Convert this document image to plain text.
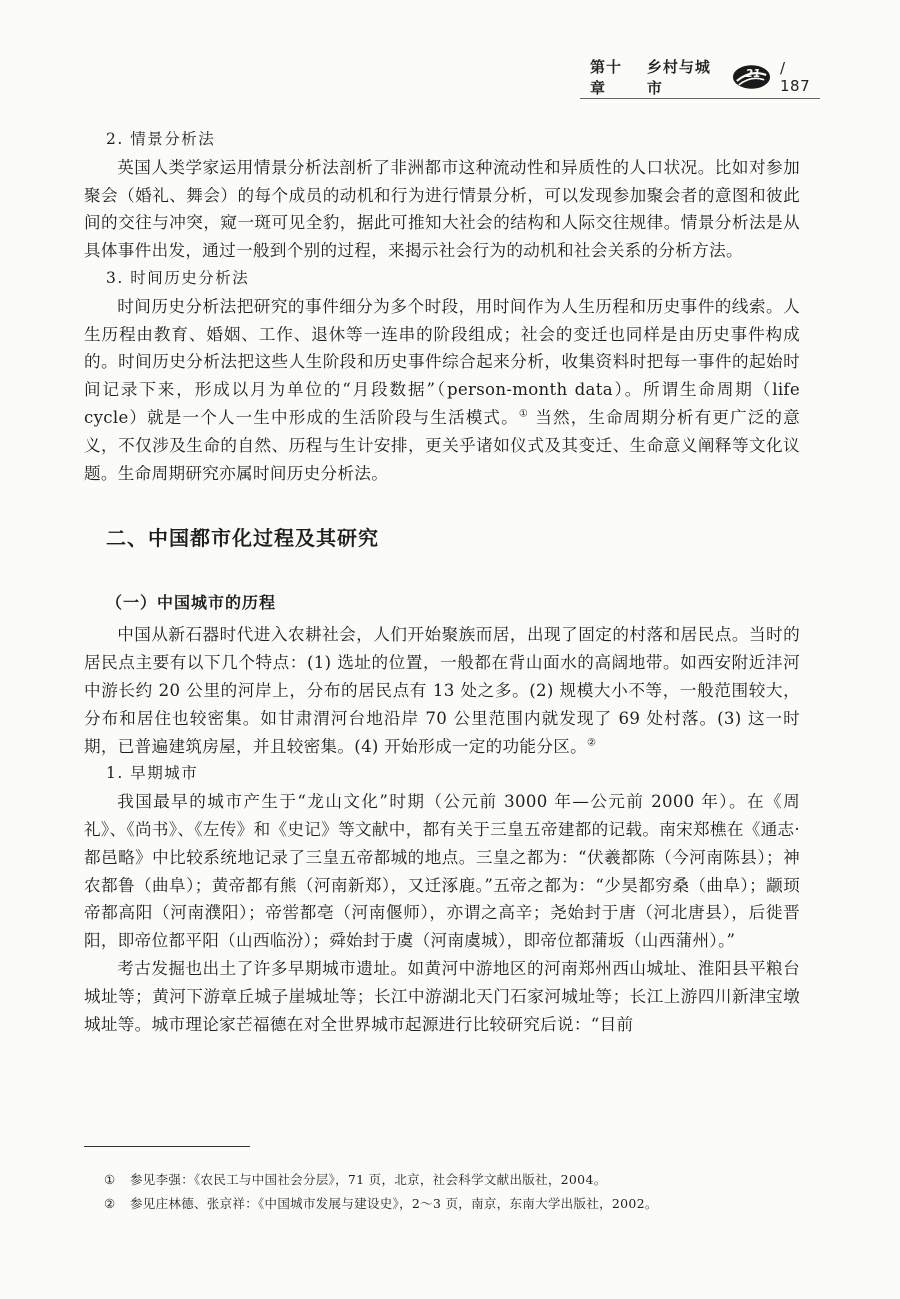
第十章
乡村与城市
21 / 187
2. 情景分析法

英国人类学家运用情景分析法剖析了非洲都市这种流动性和异质性的人口状况。比如对参加聚会（婚礼、舞会）的每个成员的动机和行为进行情景分析，可以发现参加聚会者的意图和彼此间的交往与冲突，窥一斑可见全豹，据此可推知大社会的结构和人际交往规律。情景分析法是从具体事件出发，通过一般到个别的过程，来揭示社会行为的动机和社会关系的分析方法。

3. 时间历史分析法

时间历史分析法把研究的事件细分为多个时段，用时间作为人生历程和历史事件的线索。人生历程由教育、婚姻、工作、退休等一连串的阶段组成；社会的变迁也同样是由历史事件构成的。时间历史分析法把这些人生阶段和历史事件综合起来分析，收集资料时把每一事件的起始时间记录下来，形成以月为单位的“月段数据”（person-month data）。所谓生命周期（life cycle）就是一个人一生中形成的生活阶段与生活模式。① 当然，生命周期分析有更广泛的意义，不仅涉及生命的自然、历程与生计安排，更关乎诸如仪式及其变迁、生命意义阐释等文化议题。生命周期研究亦属时间历史分析法。

二、中国都市化过程及其研究
（一）中国城市的历程

中国从新石器时代进入农耕社会，人们开始聚族而居，出现了固定的村落和居民点。当时的居民点主要有以下几个特点：(1) 选址的位置，一般都在背山面水的高阔地带。如西安附近沣河中游长约 20 公里的河岸上，分布的居民点有 13 处之多。(2) 规模大小不等，一般范围较大，分布和居住也较密集。如甘肃渭河台地沿岸 70 公里范围内就发现了 69 处村落。(3) 这一时期，已普遍建筑房屋，并且较密集。(4) 开始形成一定的功能分区。②

1. 早期城市

我国最早的城市产生于“龙山文化”时期（公元前 3000 年—公元前 2000 年）。在《周礼》、《尚书》、《左传》和《史记》等文献中，都有关于三皇五帝建都的记载。南宋郑樵在《通志·都邑略》中比较系统地记录了三皇五帝都城的地点。三皇之都为：“伏羲都陈（今河南陈县）；神农都鲁（曲阜）；黄帝都有熊（河南新郑），又迁涿鹿。”五帝之都为：“少昊都穷桑（曲阜）；颛顼帝都高阳（河南濮阳）；帝喾都亳（河南偃师），亦谓之高辛；尧始封于唐（河北唐县），后徙晋阳，即帝位都平阳（山西临汾）；舜始封于虞（河南虞城），即帝位都蒲坂（山西蒲州）。”

考古发掘也出土了许多早期城市遗址。如黄河中游地区的河南郑州西山城址、淮阳县平粮台城址等；黄河下游章丘城子崖城址等；长江中游湖北天门石家河城址等；长江上游四川新津宝墩城址等。城市理论家芒福德在对全世界城市起源进行比较研究后说：“目前

①	参见李强：《农民工与中国社会分层》，71 页，北京，社会科学文献出版社，2004。
②	参见庄林德、张京祥：《中国城市发展与建设史》，2～3 页，南京，东南大学出版社，2002。
